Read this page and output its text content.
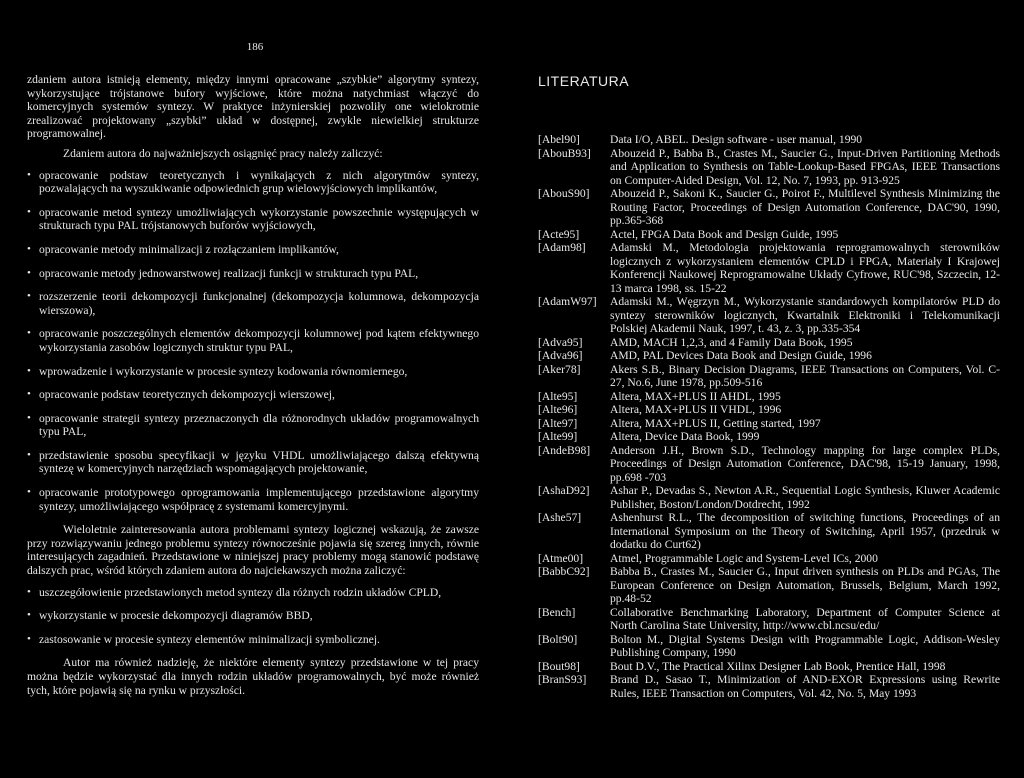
186

zdaniem autora istnieją elementy, między innymi opracowane „szybkie” algorytmy syntezy, wykorzystujące trójstanowe bufory wyjściowe, które można natychmiast włączyć do komercyjnych systemów syntezy. W praktyce inżynierskiej pozwoliły one wielokrotnie zrealizować projektowany „szybki” układ w dostępnej, zwykle niewielkiej strukturze programowalnej.

Zdaniem autora do najważniejszych osiągnięć pracy należy zaliczyć:

• opracowanie podstaw teoretycznych i wynikających z nich algorytmów syntezy, pozwalających na wyszukiwanie odpowiednich grup wielowyjściowych implikantów,
• opracowanie metod syntezy umożliwiających wykorzystanie powszechnie występujących w strukturach typu PAL trójstanowych buforów wyjściowych,
• opracowanie metody minimalizacji z rozłączaniem implikantów,
• opracowanie metody jednowarstwowej realizacji funkcji w strukturach typu PAL,
• rozszerzenie teorii dekompozycji funkcjonalnej (dekompozycja kolumnowa, dekompozycja wierszowa),
• opracowanie poszczególnych elementów dekompozycji kolumnowej pod kątem efektywnego wykorzystania zasobów logicznych struktur typu PAL,
• wprowadzenie i wykorzystanie w procesie syntezy kodowania równomiernego,
• opracowanie podstaw teoretycznych dekompozycji wierszowej,
• opracowanie strategii syntezy przeznaczonych dla różnorodnych układów programowalnych typu PAL,
• przedstawienie sposobu specyfikacji w języku VHDL umożliwiającego dalszą efektywną syntezę w komercyjnych narzędziach wspomagających projektowanie,
• opracowanie prototypowego oprogramowania implementującego przedstawione algorytmy syntezy, umożliwiającego współpracę z systemami komercyjnymi.

Wieloletnie zainteresowania autora problemami syntezy logicznej wskazują, że zawsze przy rozwiązywaniu jednego problemu syntezy równocześnie pojawia się szereg innych, równie interesujących zagadnień. Przedstawione w niniejszej pracy problemy mogą stanowić podstawę dalszych prac, wśród których zdaniem autora do najciekawszych można zaliczyć:

• uszczegółowienie przedstawionych metod syntezy dla różnych rodzin układów CPLD,
• wykorzystanie w procesie dekompozycji diagramów BBD,
• zastosowanie w procesie syntezy elementów minimalizacji symbolicznej.

Autor ma również nadzieję, że niektóre elementy syntezy przedstawione w tej pracy można będzie wykorzystać dla innych rodzin układów programowalnych, być może również tych, które pojawią się na rynku w przyszłości.

LITERATURA
[Abel90]	Data I/O, ABEL. Design software - user manual, 1990
[AbouB93]	Abouzeid P., Babba B., Crastes M., Saucier G., Input-Driven Partitioning Methods and Application to Synthesis on Table-Lookup-Based FPGAs, IEEE Transactions on Computer-Aided Design, Vol. 12, No. 7, 1993, pp. 913-925
[AbouS90]	Abouzeid P., Sakoni K., Saucier G., Poirot F., Multilevel Synthesis Minimizing the Routing Factor, Proceedings of Design Automation Conference, DAC'90, 1990, pp.365-368
[Acte95]	Actel, FPGA Data Book and Design Guide, 1995
[Adam98]	Adamski M., Metodologia projektowania reprogramowalnych sterowników logicznych z wykorzystaniem elementów CPLD i FPGA, Materiały I Krajowej Konferencji Naukowej Reprogramowalne Układy Cyfrowe, RUC'98, Szczecin, 12-13 marca 1998, ss. 15-22
[AdamW97]	Adamski M., Węgrzyn M., Wykorzystanie standardowych kompilatorów PLD do syntezy sterowników logicznych, Kwartalnik Elektroniki i Telekomunikacji Polskiej Akademii Nauk, 1997, t. 43, z. 3, pp.335-354
[Adva95]	AMD, MACH 1,2,3, and 4 Family Data Book, 1995
[Adva96]	AMD, PAL Devices Data Book and Design Guide, 1996
[Aker78]	Akers S.B., Binary Decision Diagrams, IEEE Transactions on Computers, Vol. C-27, No.6, June 1978, pp.509-516
[Alte95]	Altera, MAX+PLUS II AHDL, 1995
[Alte96]	Altera, MAX+PLUS II VHDL, 1996
[Alte97]	Altera, MAX+PLUS II, Getting started, 1997
[Alte99]	Altera, Device Data Book, 1999
[AndeB98]	Anderson J.H., Brown S.D., Technology mapping for large complex PLDs, Proceedings of Design Automation Conference, DAC'98, 15-19 January, 1998, pp.698 -703
[AshaD92]	Ashar P., Devadas S., Newton A.R., Sequential Logic Synthesis, Kluwer Academic Publisher, Boston/London/Dotdrecht, 1992
[Ashe57]	Ashenhurst R.L., The decomposition of switching functions, Proceedings of an International Symposium on the Theory of Switching, April 1957, (przedruk w dodatku do Curt62)
[Atme00]	Atmel, Programmable Logic and System-Level ICs, 2000
[BabbC92]	Babba B., Crastes M., Saucier G., Input driven synthesis on PLDs and PGAs, The European Conference on Design Automation, Brussels, Belgium, March 1992, pp.48-52
[Bench]	Collaborative Benchmarking Laboratory, Department of Computer Science at North Carolina State University, http://www.cbl.ncsu/edu/
[Bolt90]	Bolton M., Digital Systems Design with Programmable Logic, Addison-Wesley Publishing Company, 1990
[Bout98]	Bout D.V., The Practical Xilinx Designer Lab Book, Prentice Hall, 1998
[BranS93]	Brand D., Sasao T., Minimization of AND-EXOR Expressions using Rewrite Rules, IEEE Transaction on Computers, Vol. 42, No. 5, May 1993
